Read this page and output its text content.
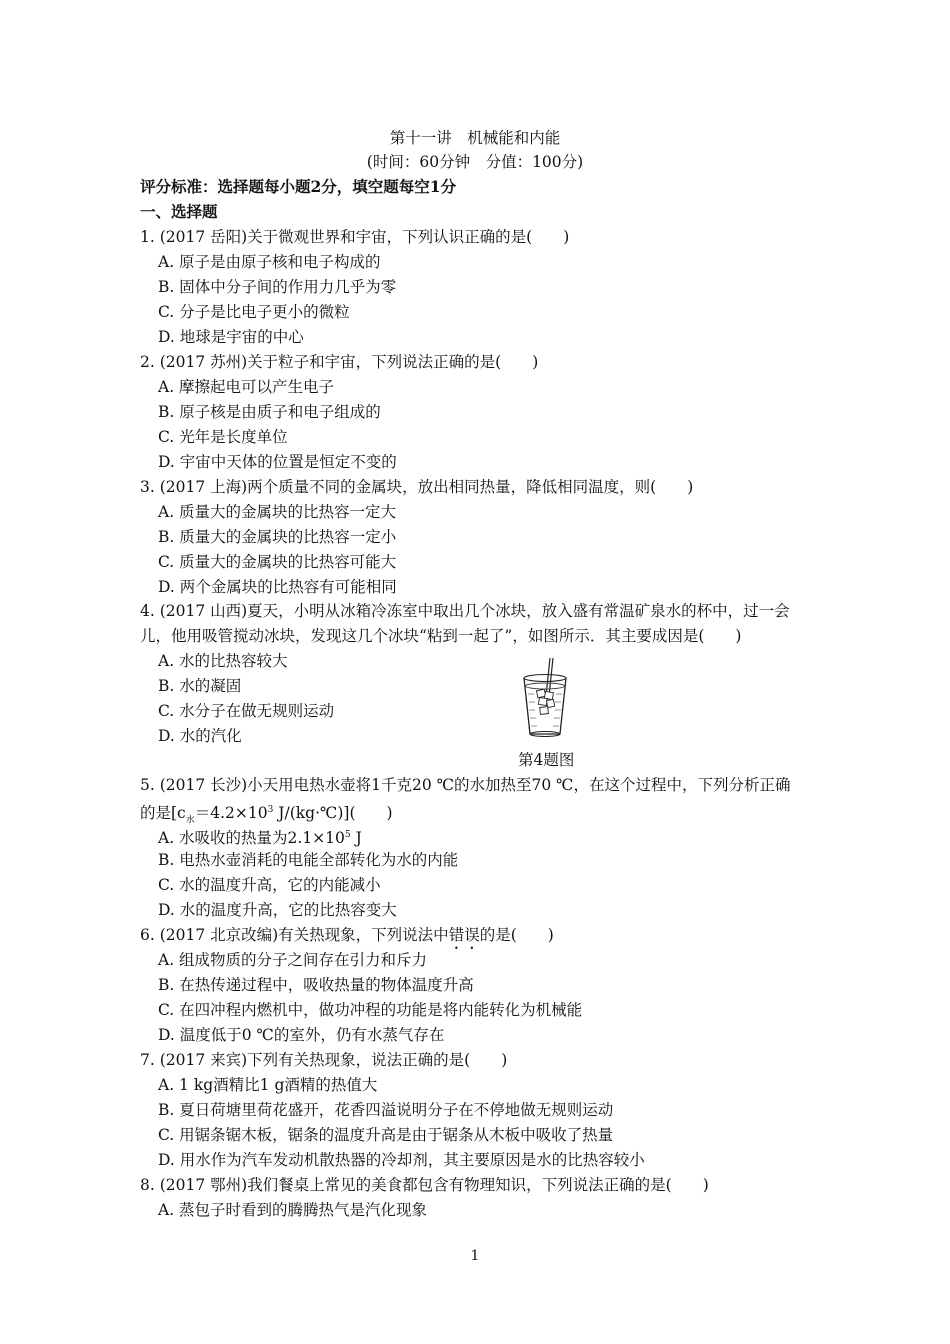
第十一讲　机械能和内能
(时间：60分钟　分值：100分)
评分标准：选择题每小题2分，填空题每空1分
一、选择题
1. (2017 岳阳)关于微观世界和宇宙，下列认识正确的是(　　)
A. 原子是由原子核和电子构成的
B. 固体中分子间的作用力几乎为零
C. 分子是比电子更小的微粒
D. 地球是宇宙的中心
2. (2017 苏州)关于粒子和宇宙，下列说法正确的是(　　)
A. 摩擦起电可以产生电子
B. 原子核是由质子和电子组成的
C. 光年是长度单位
D. 宇宙中天体的位置是恒定不变的
3. (2017 上海)两个质量不同的金属块，放出相同热量，降低相同温度，则(　　)
A. 质量大的金属块的比热容一定大
B. 质量大的金属块的比热容一定小
C. 质量大的金属块的比热容可能大
D. 两个金属块的比热容有可能相同
4. (2017 山西)夏天，小明从冰箱冷冻室中取出几个冰块，放入盛有常温矿泉水的杯中，过一会
儿，他用吸管搅动冰块，发现这几个冰块“粘到一起了”，如图所示．其主要成因是(　　)
A. 水的比热容较大
B. 水的凝固
C. 水分子在做无规则运动
D. 水的汽化
第4题图
5. (2017 长沙)小天用电热水壶将1千克20 ℃的水加热至70 ℃，在这个过程中，下列分析正确
的是[$c_水=4.2\times 10^3$ J/(kg·℃)](　　)
A. 水吸收的热量为$2.1\times 10^5$ J
B. 电热水壶消耗的电能全部转化为水的内能
C. 水的温度升高，它的内能减小
D. 水的温度升高，它的比热容变大
6. (2017 北京改编)有关热现象，下列说法中错误的是(　　)
A. 组成物质的分子之间存在引力和斥力
B. 在热传递过程中，吸收热量的物体温度升高
C. 在四冲程内燃机中，做功冲程的功能是将内能转化为机械能
D. 温度低于0 ℃的室外，仍有水蒸气存在
7. (2017 来宾)下列有关热现象，说法正确的是(　　)
A. 1 kg酒精比1 g酒精的热值大
B. 夏日荷塘里荷花盛开，花香四溢说明分子在不停地做无规则运动
C. 用锯条锯木板，锯条的温度升高是由于锯条从木板中吸收了热量
D. 用水作为汽车发动机散热器的冷却剂，其主要原因是水的比热容较小
8. (2017 鄂州)我们餐桌上常见的美食都包含有物理知识，下列说法正确的是(　　)
A. 蒸包子时看到的腾腾热气是汽化现象
1
